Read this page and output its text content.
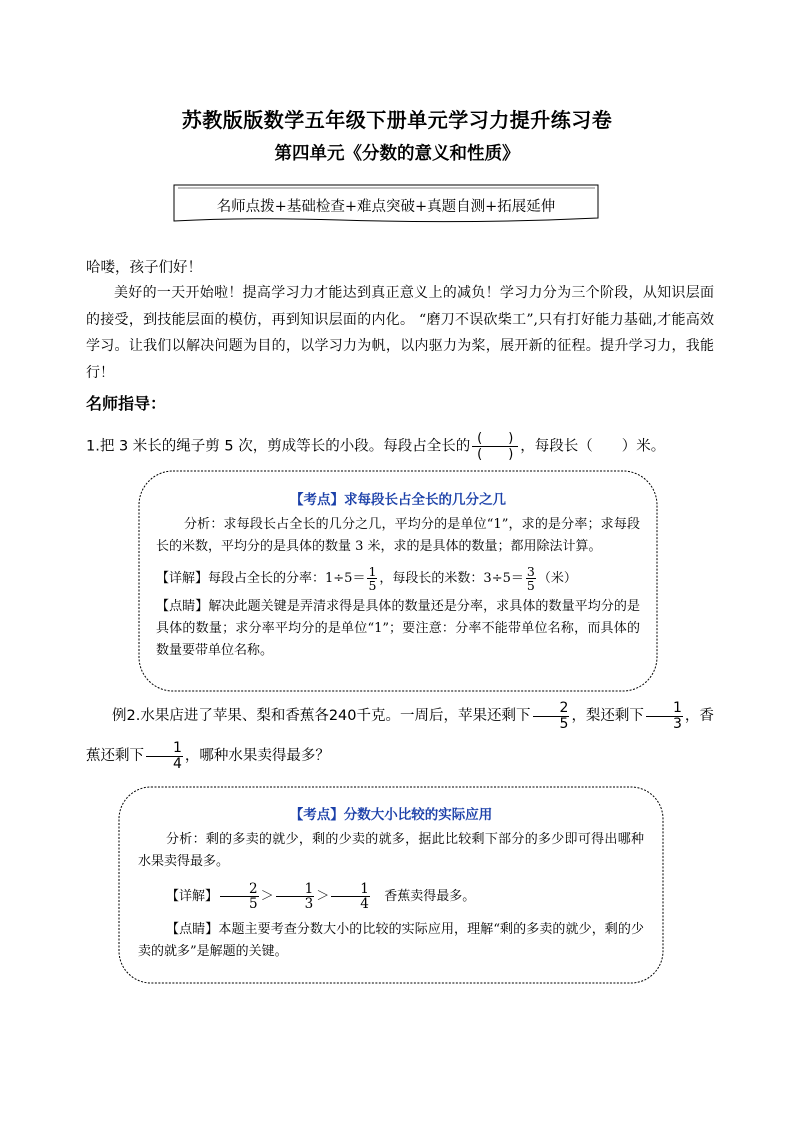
苏教版版数学五年级下册单元学习力提升练习卷
第四单元《分数的意义和性质》
名师点拨+基础检查+难点突破+真题自测+拓展延伸
哈喽，孩子们好！
美好的一天开始啦！提高学习力才能达到真正意义上的减负！学习力分为三个阶段，从知识层面的接受，到技能层面的模仿，再到知识层面的内化。 “磨刀不误砍柴工”,只有打好能力基础,才能高效学习。让我们以解决问题为目的，以学习力为帆，以内驱力为桨，展开新的征程。提升学习力，我能行！
名师指导：
1.把 3 米长的绳子剪 5 次，剪成等长的小段。每段占全长的 $\frac{( )}{( )}$ ，每段长（　　）米。
【考点】求每段长占全长的几分之几

分析：求每段长占全长的几分之几，平均分的是单位“1”，求的是分率；求每段长的米数，平均分的是具体的数量 3 米，求的是具体的数量；都用除法计算。

【详解】每段占全长的分率：$1\div 5= \frac{1}{5}$ ，每段长的米数：$3\div 5= \frac{3}{5}$ （米）

【点睛】解决此题关键是弄清求得是具体的数量还是分率，求具体的数量平均分的是具体的数量；求分率平均分的是单位“1”；要注意：分率不能带单位名称，而具体的数量要带单位名称。

例2.水果店进了苹果、梨和香蕉各240千克。一周后，苹果还剩下 $\frac{2}{5}$ ，梨还剩下 $\frac{1}{3}$ ，香蕉还剩下 $\frac{1}{4}$ ，哪种水果卖得最多？
【考点】分数大小比较的实际应用

分析：剩的多卖的就少，剩的少卖的就多，据此比较剩下部分的多少即可得出哪种水果卖得最多。

【详解】 $\frac{2}{5} > \frac{1}{3} > \frac{1}{4}$ 香蕉卖得最多。

【点睛】本题主要考查分数大小的比较的实际应用，理解“剩的多卖的就少，剩的少卖的就多”是解题的关键。
